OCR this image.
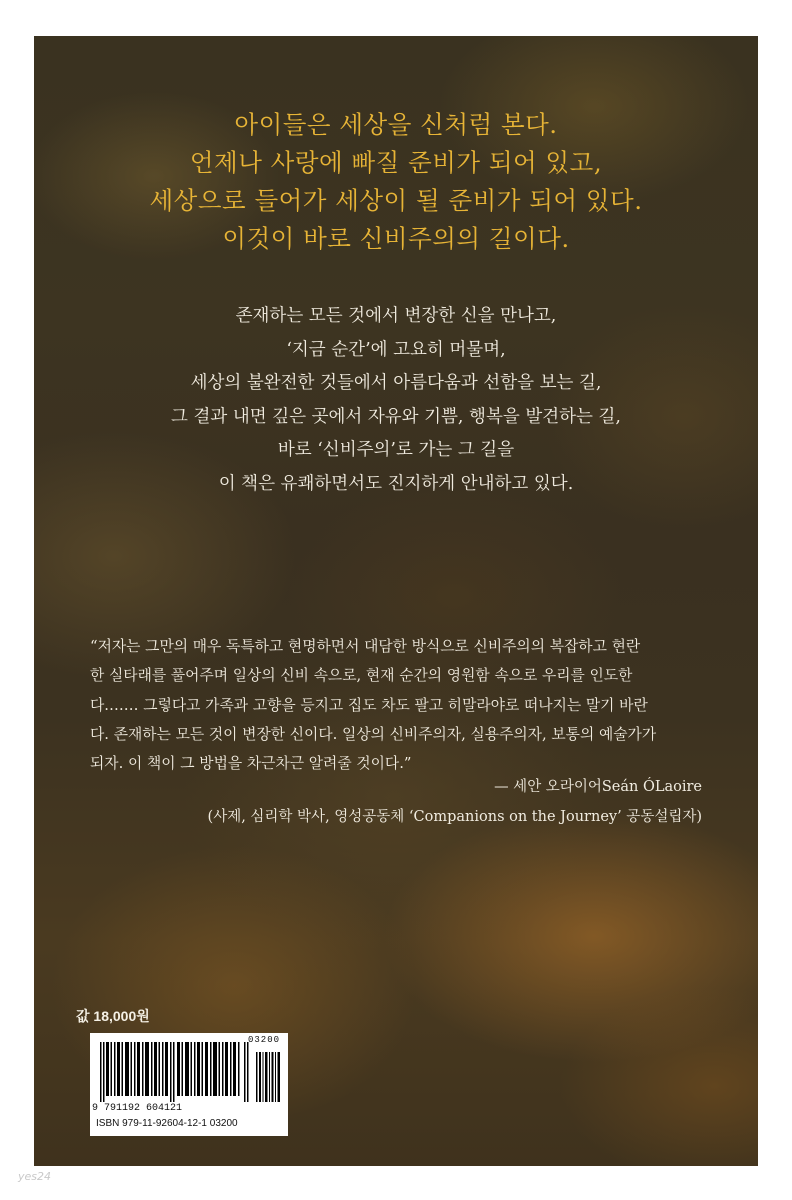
아이들은 세상을 신처럼 본다.
언제나 사랑에 빠질 준비가 되어 있고,
세상으로 들어가 세상이 될 준비가 되어 있다.
이것이 바로 신비주의의 길이다.
존재하는 모든 것에서 변장한 신을 만나고,
‘지금 순간’에 고요히 머물며,
세상의 불완전한 것들에서 아름다움과 선함을 보는 길,
그 결과 내면 깊은 곳에서 자유와 기쁨, 행복을 발견하는 길,
바로 ‘신비주의’로 가는 그 길을
이 책은 유쾌하면서도 진지하게 안내하고 있다.
“저자는 그만의 매우 독특하고 현명하면서 대담한 방식으로 신비주의의 복잡하고 현란
한 실타래를 풀어주며 일상의 신비 속으로, 현재 순간의 영원함 속으로 우리를 인도한
다.…… 그렇다고 가족과 고향을 등지고 집도 차도 팔고 히말라야로 떠나지는 말기 바란
다. 존재하는 모든 것이 변장한 신이다. 일상의 신비주의자, 실용주의자, 보통의 예술가가
되자. 이 책이 그 방법을 차근차근 알려줄 것이다.”
— 세안 오라이어Seán ÓLaoire
(사제, 심리학 박사, 영성공동체 ‘Companions on the Journey’ 공동설립자)
값 18,000원
03200
9 791192 604121
ISBN 979-11-92604-12-1 03200
yes24
